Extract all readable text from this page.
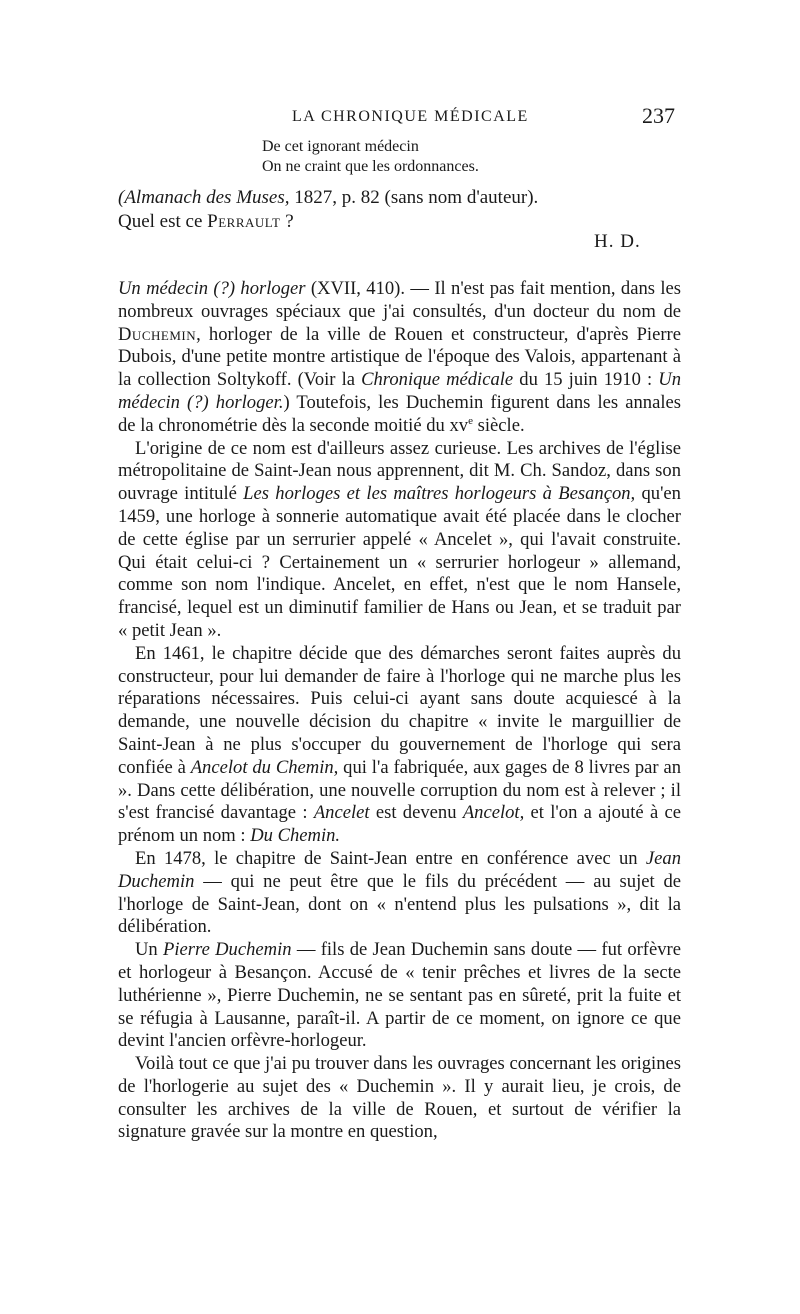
LA CHRONIQUE MÉDICALE	237
De cet ignorant médecin
On ne craint que les ordonnances.
(Almanach des Muses, 1827, p. 82 (sans nom d'auteur).
Quel est ce Perrault ?
H. D.

Un médecin (?) horloger (XVII, 410). — Il n'est pas fait mention, dans les nombreux ouvrages spéciaux que j'ai consultés, d'un docteur du nom de Duchemin, horloger de la ville de Rouen et constructeur, d'après Pierre Dubois, d'une petite montre artistique de l'époque des Valois, appartenant à la collection Soltykoff. (Voir la Chronique médicale du 15 juin 1910 : Un médecin (?) horloger.) Toutefois, les Duchemin figurent dans les annales de la chronométrie dès la seconde moitié du $xv^e$ siècle.

L'origine de ce nom est d'ailleurs assez curieuse. Les archives de l'église métropolitaine de Saint-Jean nous apprennent, dit M. Ch. Sandoz, dans son ouvrage intitulé Les horloges et les maîtres horlogeurs à Besançon, qu'en 1459, une horloge à sonnerie automatique avait été placée dans le clocher de cette église par un serrurier appelé « Ancelet », qui l'avait construite. Qui était celui-ci ? Certainement un « serrurier horlogeur » allemand, comme son nom l'indique. Ancelet, en effet, n'est que le nom Hansele, francisé, lequel est un diminutif familier de Hans ou Jean, et se traduit par « petit Jean ».

En 1461, le chapitre décide que des démarches seront faites auprès du constructeur, pour lui demander de faire à l'horloge qui ne marche plus les réparations nécessaires. Puis celui-ci ayant sans doute acquiescé à la demande, une nouvelle décision du chapitre « invite le marguillier de Saint-Jean à ne plus s'occuper du gouvernement de l'horloge qui sera confiée à Ancelot du Chemin, qui l'a fabriquée, aux gages de 8 livres par an ». Dans cette délibération, une nouvelle corruption du nom est à relever ; il s'est francisé davantage : Ancelet est devenu Ancelot, et l'on a ajouté à ce prénom un nom : Du Chemin.

En 1478, le chapitre de Saint-Jean entre en conférence avec un Jean Duchemin — qui ne peut être que le fils du précédent — au sujet de l'horloge de Saint-Jean, dont on « n'entend plus les pulsations », dit la délibération.

Un Pierre Duchemin — fils de Jean Duchemin sans doute — fut orfèvre et horlogeur à Besançon. Accusé de « tenir prêches et livres de la secte luthérienne », Pierre Duchemin, ne se sentant pas en sûreté, prit la fuite et se réfugia à Lausanne, paraît-il. A partir de ce moment, on ignore ce que devint l'ancien orfèvre-horlogeur.

Voilà tout ce que j'ai pu trouver dans les ouvrages concernant les origines de l'horlogerie au sujet des « Duchemin ». Il y aurait lieu, je crois, de consulter les archives de la ville de Rouen, et surtout de vérifier la signature gravée sur la montre en question,
